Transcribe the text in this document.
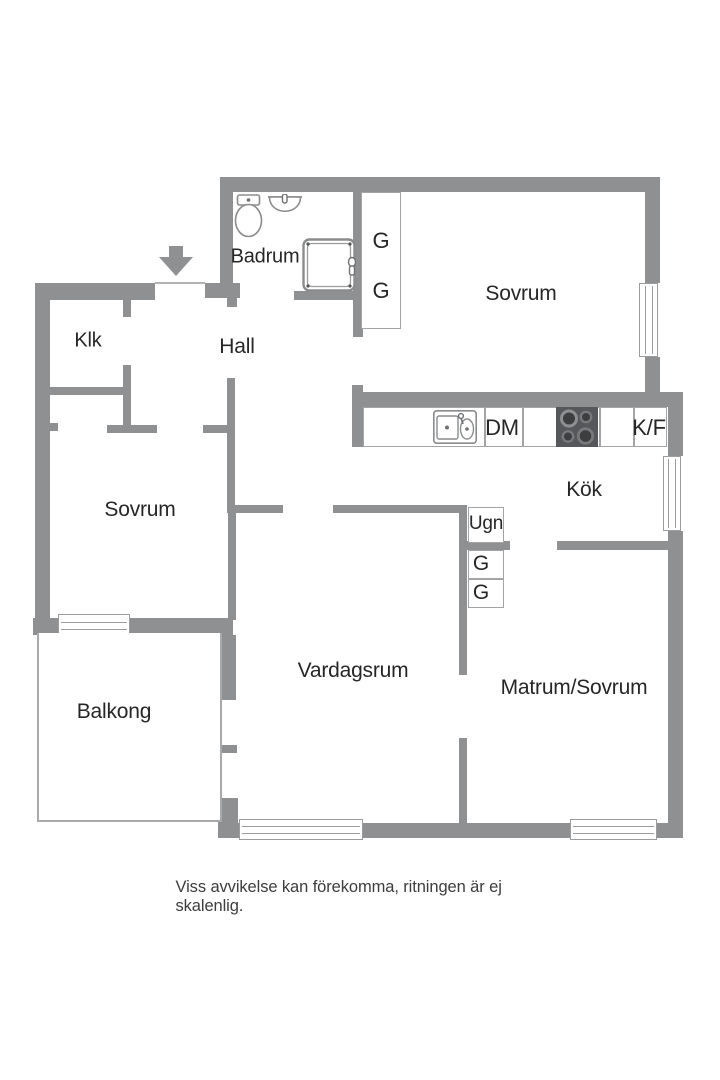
Badrum
Sovrum
Klk	Hall
Sovrum
Kök
Vardagsrum
Matrum/Sovrum
Balkong
G
G
DM	K/F
Ugn
G
G
Viss avvikelse kan förekomma, ritningen är ej skalenlig.
